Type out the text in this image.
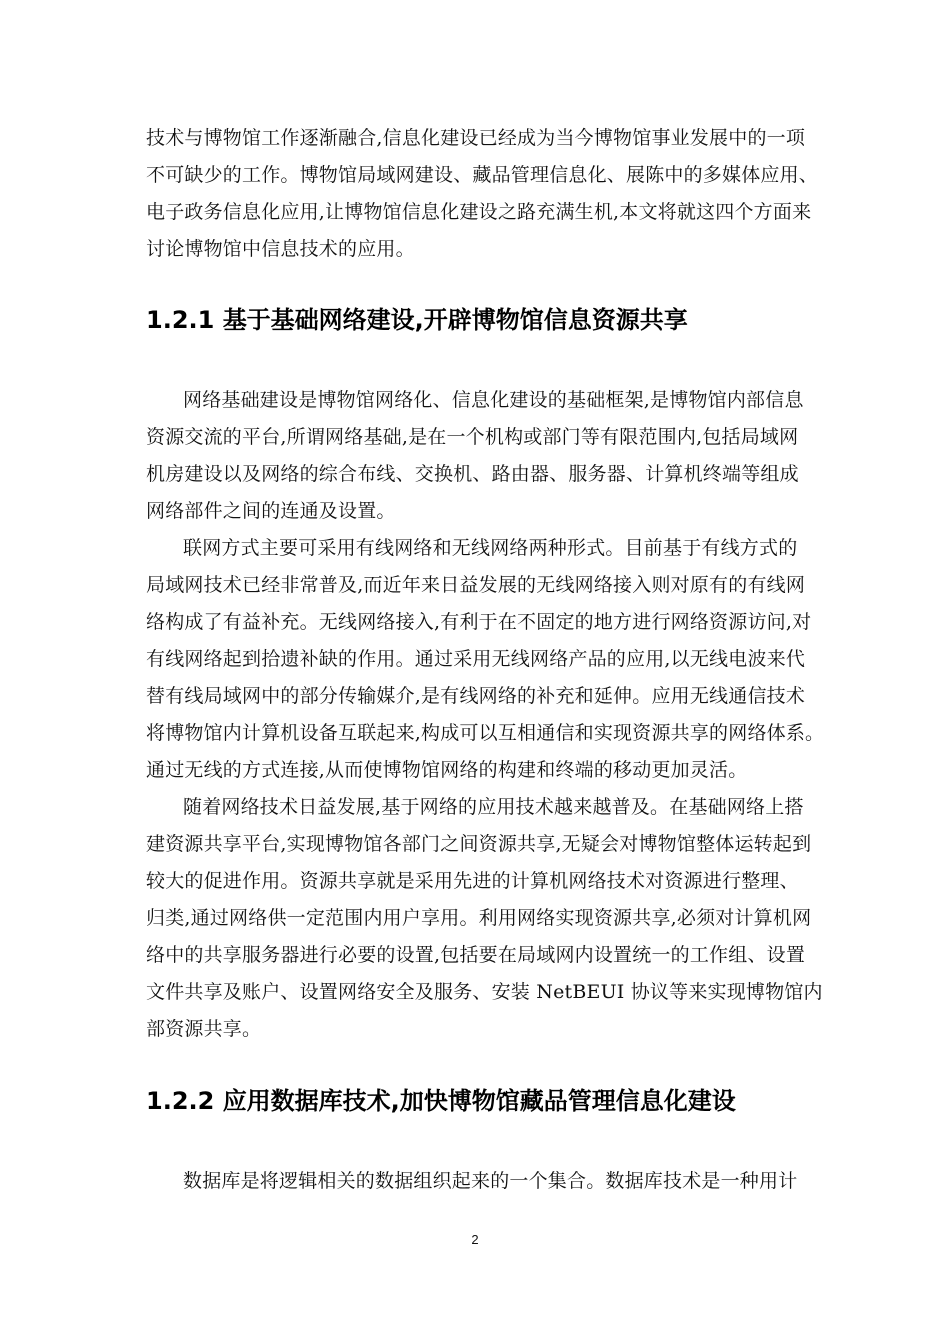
技术与博物馆工作逐渐融合,信息化建设已经成为当今博物馆事业发展中的一项
不可缺少的工作。博物馆局域网建设、藏品管理信息化、展陈中的多媒体应用、
电子政务信息化应用,让博物馆信息化建设之路充满生机,本文将就这四个方面来
讨论博物馆中信息技术的应用。
1.2.1 基于基础网络建设,开辟博物馆信息资源共享
网络基础建设是博物馆网络化、信息化建设的基础框架,是博物馆内部信息
资源交流的平台,所谓网络基础,是在一个机构或部门等有限范围内,包括局域网
机房建设以及网络的综合布线、交换机、路由器、服务器、计算机终端等组成
网络部件之间的连通及设置。
联网方式主要可采用有线网络和无线网络两种形式。目前基于有线方式的
局域网技术已经非常普及,而近年来日益发展的无线网络接入则对原有的有线网
络构成了有益补充。无线网络接入,有利于在不固定的地方进行网络资源访问,对
有线网络起到拾遗补缺的作用。通过采用无线网络产品的应用,以无线电波来代
替有线局域网中的部分传输媒介,是有线网络的补充和延伸。应用无线通信技术
将博物馆内计算机设备互联起来,构成可以互相通信和实现资源共享的网络体系。
通过无线的方式连接,从而使博物馆网络的构建和终端的移动更加灵活。
随着网络技术日益发展,基于网络的应用技术越来越普及。在基础网络上搭
建资源共享平台,实现博物馆各部门之间资源共享,无疑会对博物馆整体运转起到
较大的促进作用。资源共享就是采用先进的计算机网络技术对资源进行整理、
归类,通过网络供一定范围内用户享用。利用网络实现资源共享,必须对计算机网
络中的共享服务器进行必要的设置,包括要在局域网内设置统一的工作组、设置
文件共享及账户、设置网络安全及服务、安装 NetBEUI 协议等来实现博物馆内
部资源共享。
1.2.2 应用数据库技术,加快博物馆藏品管理信息化建设
数据库是将逻辑相关的数据组织起来的一个集合。数据库技术是一种用计
2
